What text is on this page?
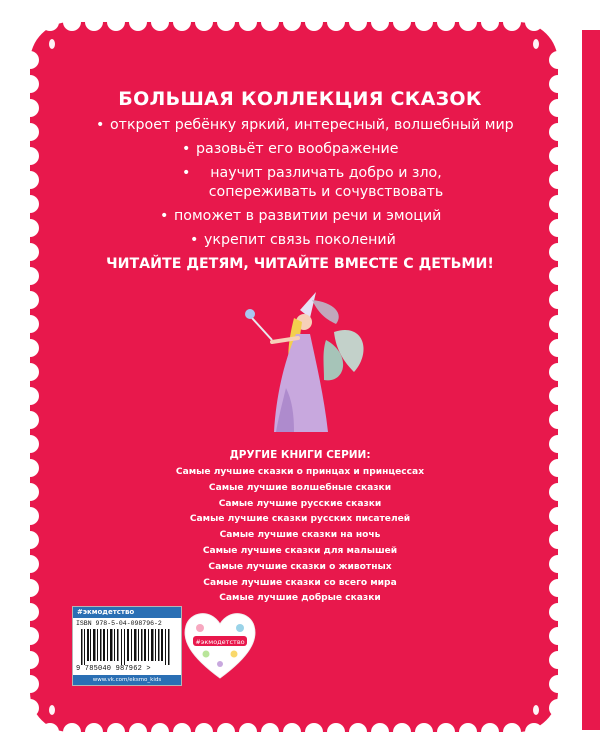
БОЛЬШАЯ КОЛЛЕКЦИЯ СКАЗОК
• откроет ребёнку яркий, интересный, волшебный мир
• разовьёт его воображение
• научит различать добро и зло, сопереживать и сочувствовать
• поможет в развитии речи и эмоций
• укрепит связь поколений

ЧИТАЙТЕ ДЕТЯМ, ЧИТАЙТЕ ВМЕСТЕ С ДЕТЬМИ!

ДРУГИЕ КНИГИ СЕРИИ:

Самые лучшие сказки о принцах и принцессах
Самые лучшие волшебные сказки
Самые лучшие русские сказки
Самые лучшие сказки русских писателей
Самые лучшие сказки на ночь
Самые лучшие сказки для малышей
Самые лучшие сказки о животных
Самые лучшие сказки со всего мира
Самые лучшие добрые сказки
#экмодетство
ISBN 978-5-04-098796-2
9 785040 987962 >
www.vk.com/eksmo_kids
#экмодетство
